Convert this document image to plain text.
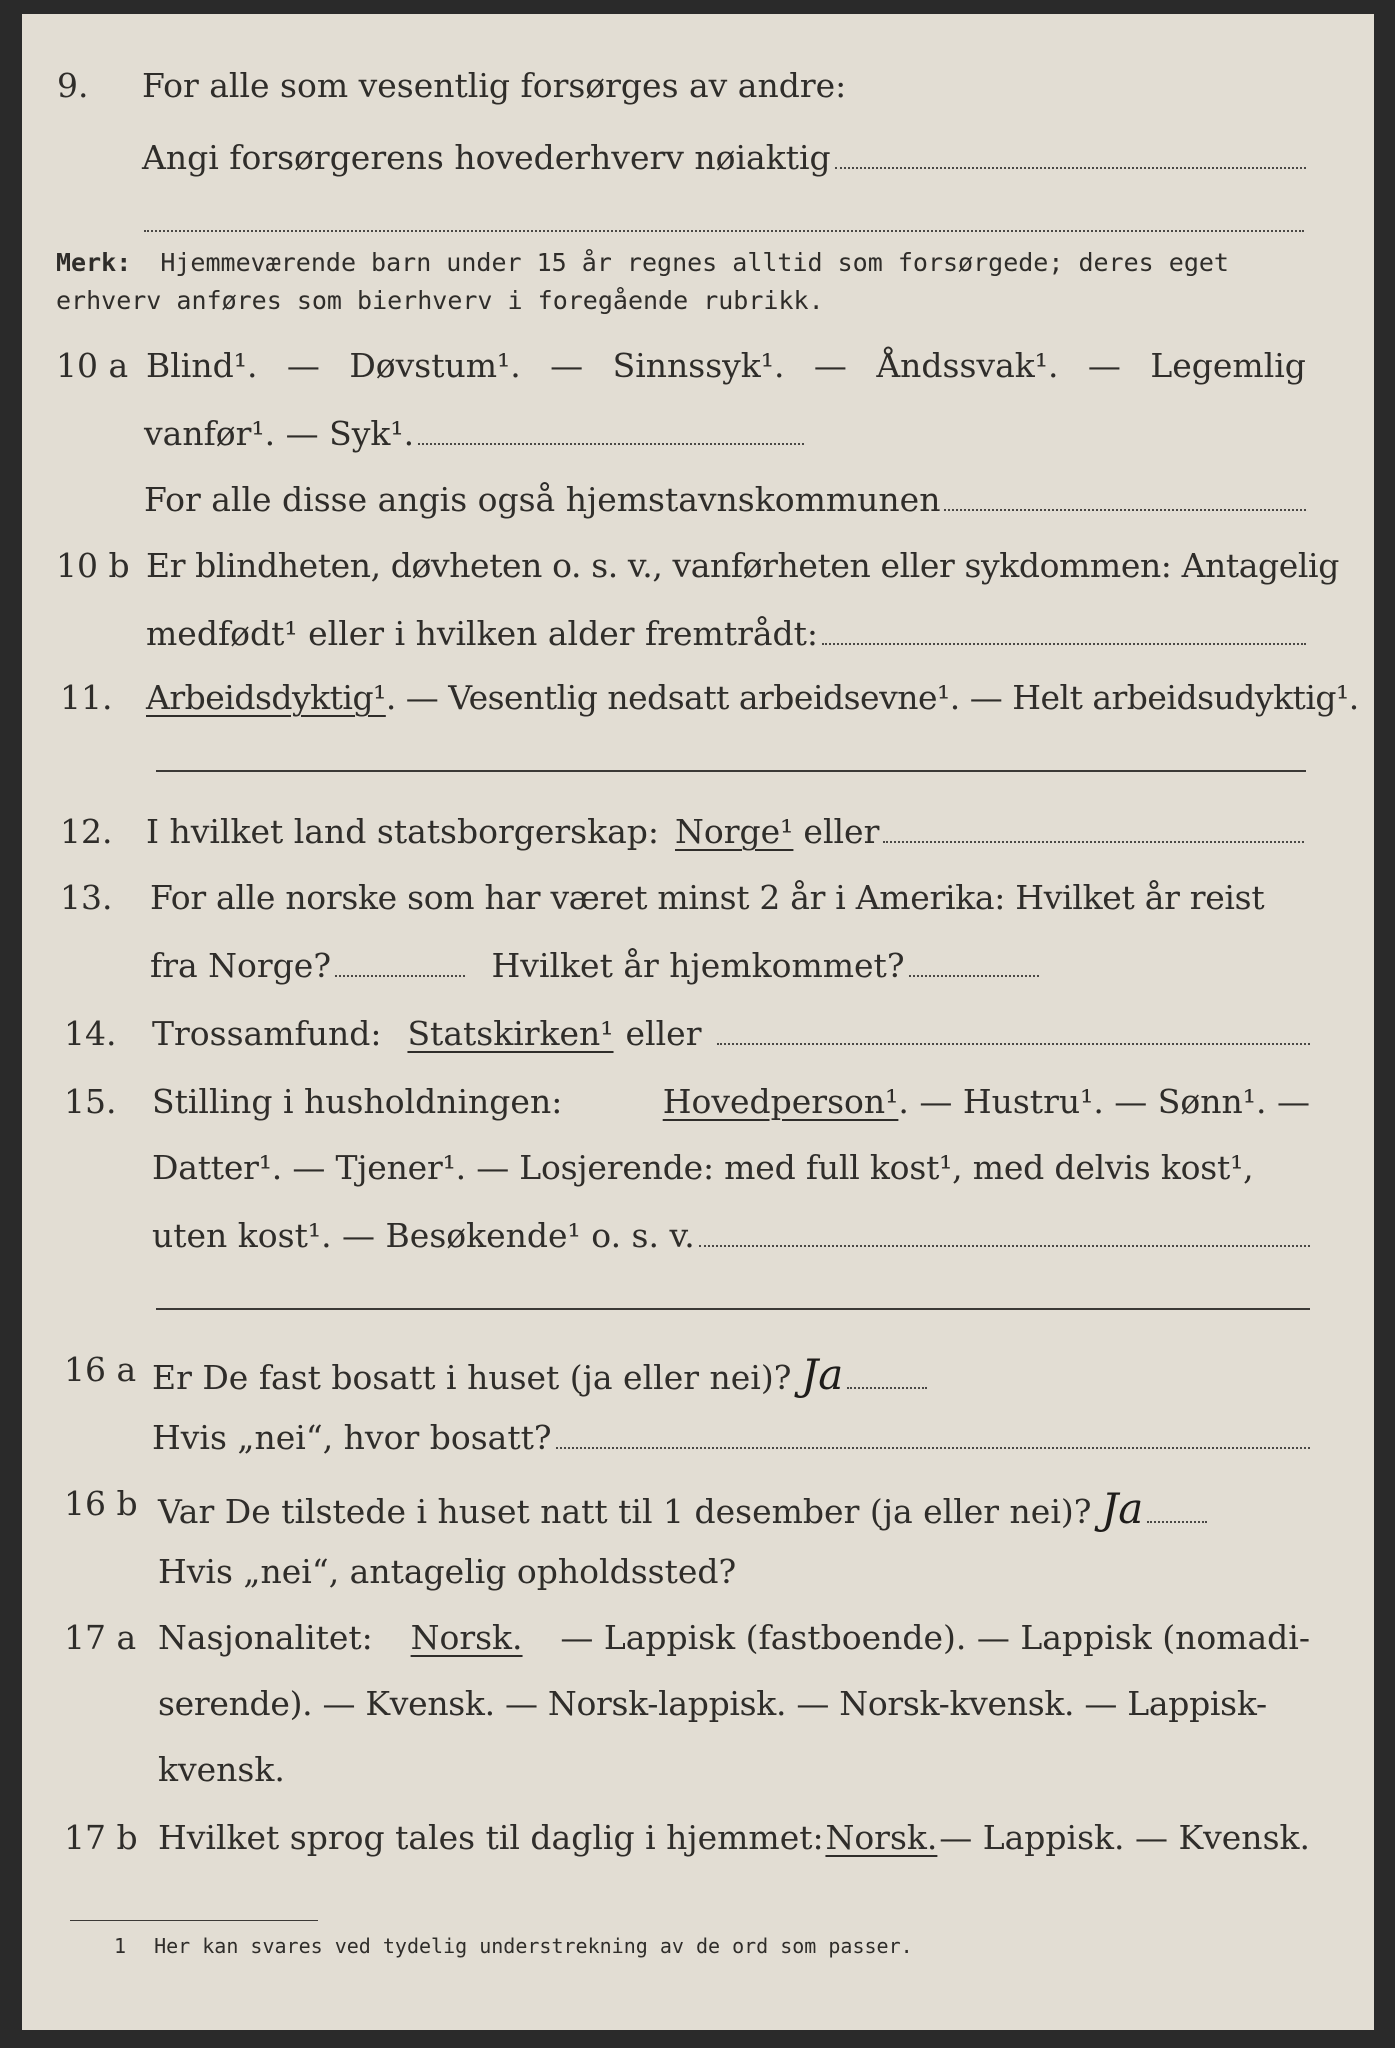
9. For alle som vesentlig forsørges av andre:
Angi forsørgerens hovederhverv nøiaktig
Merk: Hjemmeværende barn under 15 år regnes alltid som forsørgede; deres eget erhverv anføres som bierhverv i foregående rubrikk.
10 a Blind¹. — Døvstum¹. — Sinnssyk¹. — Åndssvak¹. — Legemlig
vanfør¹. — Syk¹.
For alle disse angis også hjemstavnskommunen
10 b Er blindheten, døvheten o. s. v., vanførheten eller sykdommen: Antagelig
medfødt¹ eller i hvilken alder fremtrådt:
11. Arbeidsdyktig¹. — Vesentlig nedsatt arbeidsevne¹. — Helt arbeidsudyktig¹.
12. I hvilket land statsborgerskap: Norge¹ eller
13. For alle norske som har været minst 2 år i Amerika: Hvilket år reist
fra Norge?	Hvilket år hjemkommet?
14. Trossamfund: Statskirken¹ eller
15. Stilling i husholdningen:	Hovedperson¹. — Hustru¹. — Sønn¹. —
Datter¹. — Tjener¹. — Losjerende: med full kost¹, med delvis kost¹,
uten kost¹. — Besøkende¹ o. s. v.
16 a Er De fast bosatt i huset (ja eller nei)? Ja
Hvis „nei“, hvor bosatt?
16 b Var De tilstede i huset natt til 1 desember (ja eller nei)? Ja
Hvis „nei“, antagelig opholdssted?
17 a Nasjonalitet: Norsk. — Lappisk (fastboende). — Lappisk (nomadi-
serende). — Kvensk. — Norsk-lappisk. — Norsk-kvensk. — Lappisk-
kvensk.
17 b Hvilket sprog tales til daglig i hjemmet: Norsk. — Lappisk. — Kvensk.
1 Her kan svares ved tydelig understrekning av de ord som passer.
